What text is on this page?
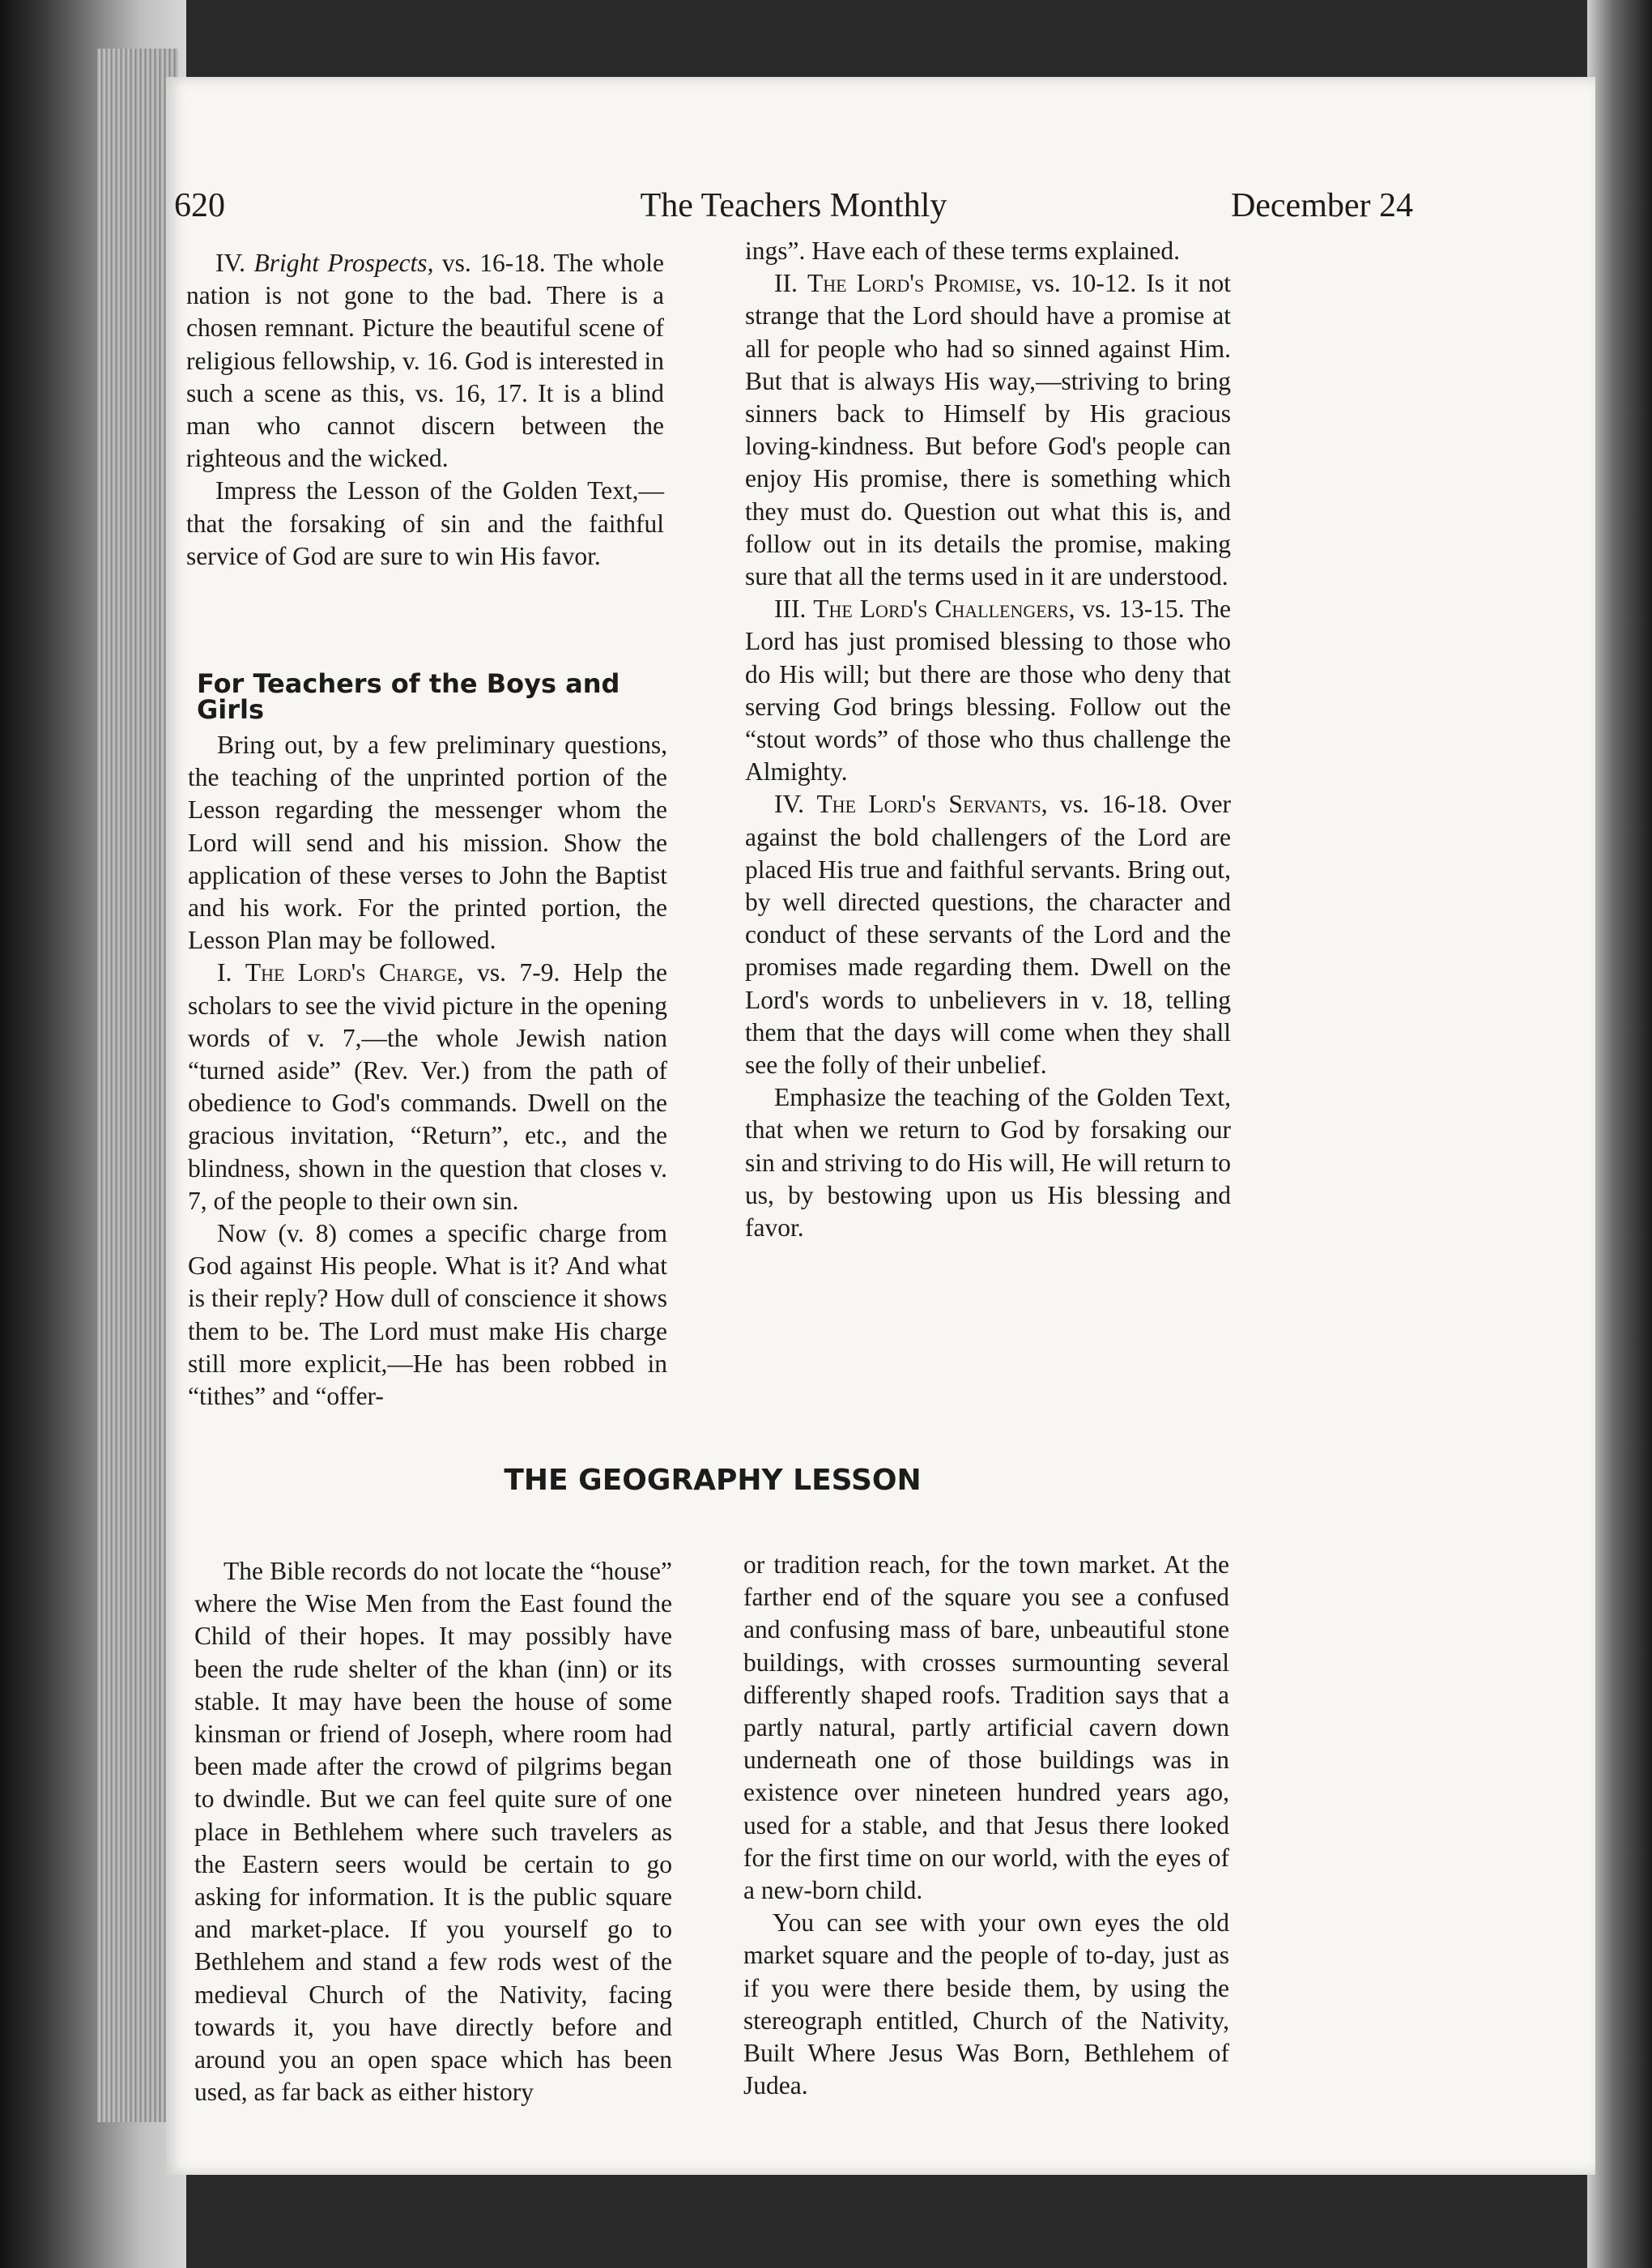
620	The Teachers Monthly	December 24

IV. Bright Prospects, vs. 16-18. The whole nation is not gone to the bad. There is a chosen remnant. Picture the beautiful scene of religious fellowship, v. 16. God is interested in such a scene as this, vs. 16, 17. It is a blind man who cannot discern between the righteous and the wicked.

Impress the Lesson of the Golden Text,—that the forsaking of sin and the faithful service of God are sure to win His favor.

For Teachers of the Boys and Girls

Bring out, by a few preliminary questions, the teaching of the unprinted portion of the Lesson regarding the messenger whom the Lord will send and his mission. Show the application of these verses to John the Baptist and his work. For the printed portion, the Lesson Plan may be followed.

I. The Lord's Charge, vs. 7-9. Help the scholars to see the vivid picture in the opening words of v. 7,—the whole Jewish nation “turned aside” (Rev. Ver.) from the path of obedience to God's commands. Dwell on the gracious invitation, “Return”, etc., and the blindness, shown in the question that closes v. 7, of the people to their own sin.

Now (v. 8) comes a specific charge from God against His people. What is it? And what is their reply? How dull of conscience it shows them to be. The Lord must make His charge still more explicit,—He has been robbed in “tithes” and “offer-

ings”. Have each of these terms explained.

II. The Lord's Promise, vs. 10-12. Is it not strange that the Lord should have a promise at all for people who had so sinned against Him. But that is always His way,—striving to bring sinners back to Himself by His gracious loving-kindness. But before God's people can enjoy His promise, there is something which they must do. Question out what this is, and follow out in its details the promise, making sure that all the terms used in it are understood.

III. The Lord's Challengers, vs. 13-15. The Lord has just promised blessing to those who do His will; but there are those who deny that serving God brings blessing. Follow out the “stout words” of those who thus challenge the Almighty.

IV. The Lord's Servants, vs. 16-18. Over against the bold challengers of the Lord are placed His true and faithful servants. Bring out, by well directed questions, the character and conduct of these servants of the Lord and the promises made regarding them. Dwell on the Lord's words to unbelievers in v. 18, telling them that the days will come when they shall see the folly of their unbelief.

Emphasize the teaching of the Golden Text, that when we return to God by forsaking our sin and striving to do His will, He will return to us, by bestowing upon us His blessing and favor.

THE GEOGRAPHY LESSON

The Bible records do not locate the “house” where the Wise Men from the East found the Child of their hopes. It may possibly have been the rude shelter of the khan (inn) or its stable. It may have been the house of some kinsman or friend of Joseph, where room had been made after the crowd of pilgrims began to dwindle. But we can feel quite sure of one place in Bethlehem where such travelers as the Eastern seers would be certain to go asking for information. It is the public square and market-place. If you yourself go to Bethlehem and stand a few rods west of the medieval Church of the Nativity, facing towards it, you have directly before and around you an open space which has been used, as far back as either history

or tradition reach, for the town market. At the farther end of the square you see a confused and confusing mass of bare, unbeautiful stone buildings, with crosses surmounting several differently shaped roofs. Tradition says that a partly natural, partly artificial cavern down underneath one of those buildings was in existence over nineteen hundred years ago, used for a stable, and that Jesus there looked for the first time on our world, with the eyes of a new-born child.

You can see with your own eyes the old market square and the people of to-day, just as if you were there beside them, by using the stereograph entitled, Church of the Nativity, Built Where Jesus Was Born, Bethlehem of Judea.
